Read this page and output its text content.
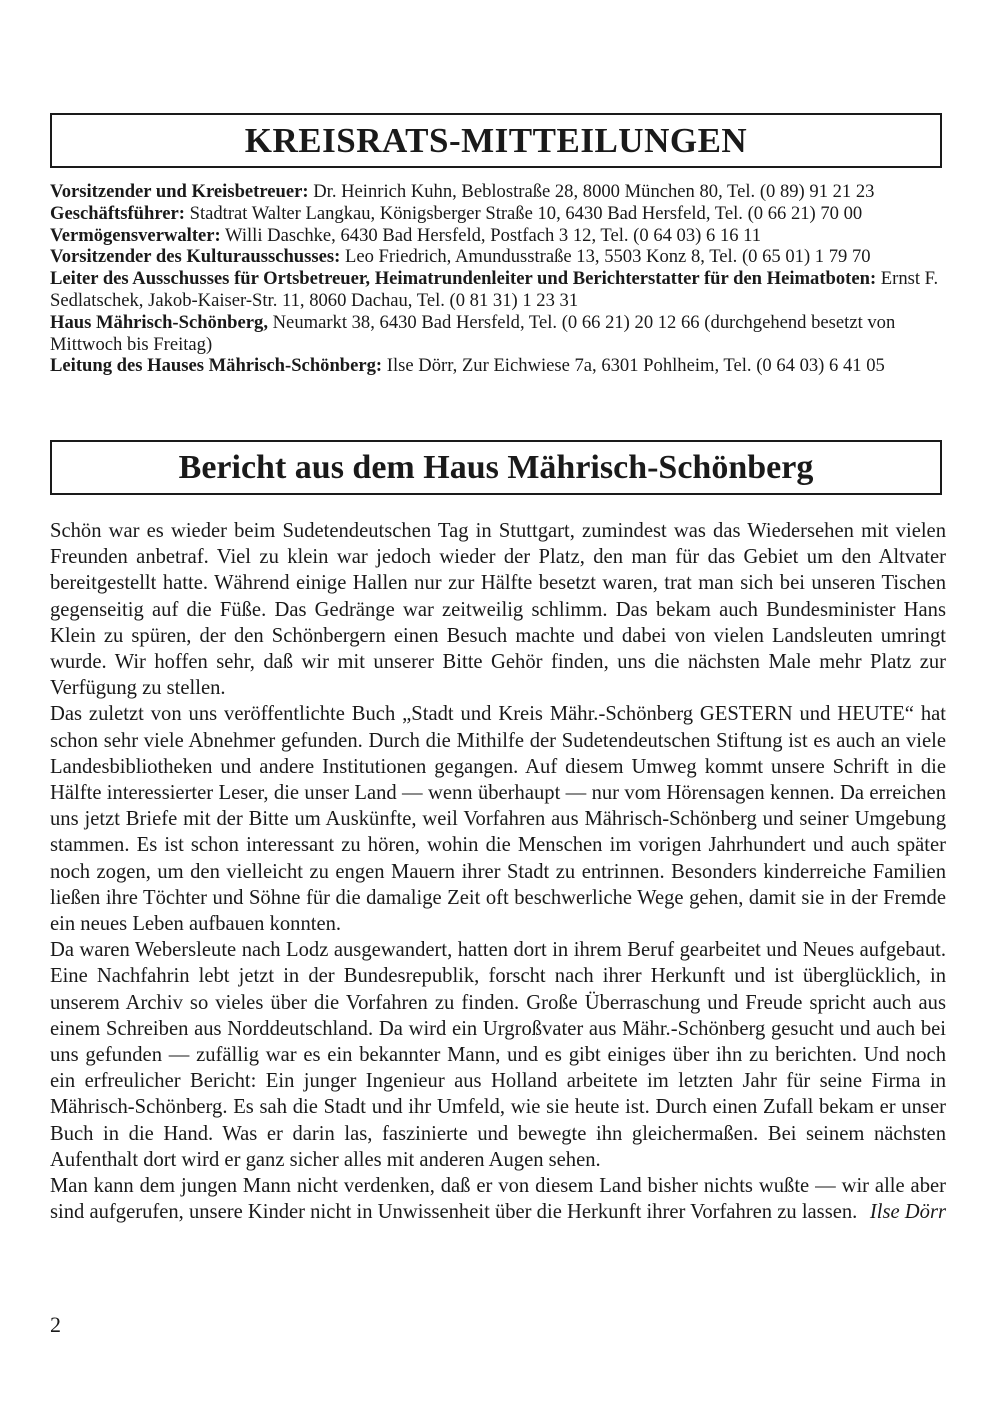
KREISRATS-MITTEILUNGEN

Vorsitzender und Kreisbetreuer: Dr. Heinrich Kuhn, Beblostraße 28, 8000 München 80, Tel. (0 89) 91 21 23

Geschäftsführer: Stadtrat Walter Langkau, Königsberger Straße 10, 6430 Bad Hersfeld, Tel. (0 66 21) 70 00

Vermögensverwalter: Willi Daschke, 6430 Bad Hersfeld, Postfach 3 12, Tel. (0 64 03) 6 16 11

Vorsitzender des Kulturausschusses: Leo Friedrich, Amundusstraße 13, 5503 Konz 8, Tel. (0 65 01) 1 79 70

Leiter des Ausschusses für Ortsbetreuer, Heimatrundenleiter und Berichterstatter für den Heimatboten: Ernst F. Sedlatschek, Jakob-Kaiser-Str. 11, 8060 Dachau, Tel. (0 81 31) 1 23 31

Haus Mährisch-Schönberg, Neumarkt 38, 6430 Bad Hersfeld, Tel. (0 66 21) 20 12 66 (durchgehend besetzt von Mittwoch bis Freitag)

Leitung des Hauses Mährisch-Schönberg: Ilse Dörr, Zur Eichwiese 7a, 6301 Pohlheim, Tel. (0 64 03) 6 41 05

Bericht aus dem Haus Mährisch-Schönberg

Schön war es wieder beim Sudetendeutschen Tag in Stuttgart, zumindest was das Wiedersehen mit vielen Freunden anbetraf. Viel zu klein war jedoch wieder der Platz, den man für das Gebiet um den Altvater bereitgestellt hatte. Während einige Hallen nur zur Hälfte besetzt waren, trat man sich bei unseren Tischen gegenseitig auf die Füße. Das Gedränge war zeitweilig schlimm. Das bekam auch Bundesminister Hans Klein zu spüren, der den Schönbergern einen Besuch machte und dabei von vielen Landsleuten umringt wurde. Wir hoffen sehr, daß wir mit unserer Bitte Gehör finden, uns die nächsten Male mehr Platz zur Verfügung zu stellen.

Das zuletzt von uns veröffentlichte Buch „Stadt und Kreis Mähr.-Schönberg GESTERN und HEUTE“ hat schon sehr viele Abnehmer gefunden. Durch die Mithilfe der Sudetendeutschen Stiftung ist es auch an viele Landesbibliotheken und andere Institutionen gegangen. Auf diesem Umweg kommt unsere Schrift in die Hälfte interessierter Leser, die unser Land — wenn überhaupt — nur vom Hörensagen kennen. Da erreichen uns jetzt Briefe mit der Bitte um Auskünfte, weil Vorfahren aus Mährisch-Schönberg und seiner Umgebung stammen. Es ist schon interessant zu hören, wohin die Menschen im vorigen Jahrhundert und auch später noch zogen, um den vielleicht zu engen Mauern ihrer Stadt zu entrinnen. Besonders kinderreiche Familien ließen ihre Töchter und Söhne für die damalige Zeit oft beschwerliche Wege gehen, damit sie in der Fremde ein neues Leben aufbauen konnten.

Da waren Webersleute nach Lodz ausgewandert, hatten dort in ihrem Beruf gearbeitet und Neues aufgebaut. Eine Nachfahrin lebt jetzt in der Bundesrepublik, forscht nach ihrer Herkunft und ist überglücklich, in unserem Archiv so vieles über die Vorfahren zu finden. Große Überraschung und Freude spricht auch aus einem Schreiben aus Norddeutschland. Da wird ein Urgroßvater aus Mähr.-Schönberg gesucht und auch bei uns gefunden — zufällig war es ein bekannter Mann, und es gibt einiges über ihn zu berichten. Und noch ein erfreulicher Bericht: Ein junger Ingenieur aus Holland arbeitete im letzten Jahr für seine Firma in Mährisch-Schönberg. Es sah die Stadt und ihr Umfeld, wie sie heute ist. Durch einen Zufall bekam er unser Buch in die Hand. Was er darin las, faszinierte und bewegte ihn gleichermaßen. Bei seinem nächsten Aufenthalt dort wird er ganz sicher alles mit anderen Augen sehen.

Man kann dem jungen Mann nicht verdenken, daß er von diesem Land bisher nichts wußte — wir alle aber sind aufgerufen, unsere Kinder nicht in Unwissenheit über die Herkunft ihrer Vorfahren zu lassen. Ilse Dörr

2
